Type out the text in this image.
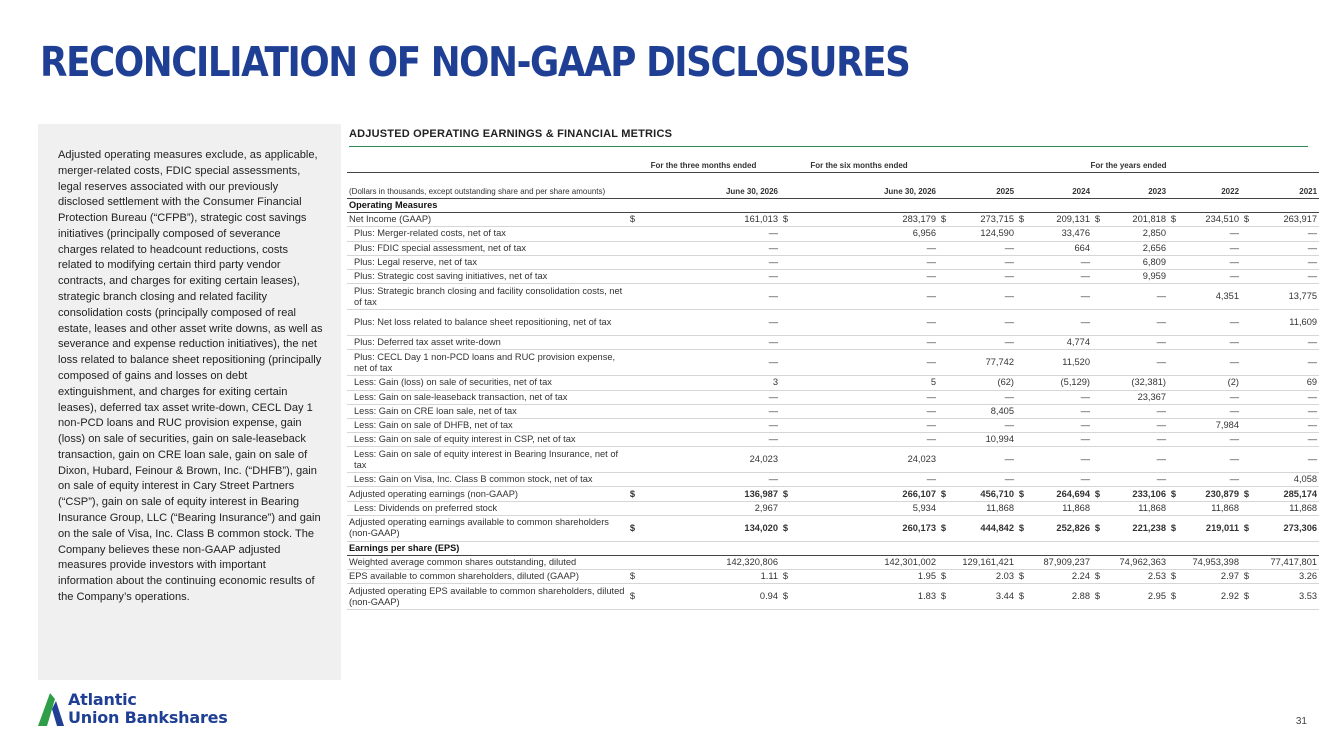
RECONCILIATION OF NON-GAAP DISCLOSURES

Adjusted operating measures exclude, as applicable, merger-related costs, FDIC special assessments, legal reserves associated with our previously disclosed settlement with the Consumer Financial Protection Bureau (“CFPB”), strategic cost savings initiatives (principally composed of severance charges related to headcount reductions, costs related to modifying certain third party vendor contracts, and charges for exiting certain leases), strategic branch closing and related facility consolidation costs (principally composed of real estate, leases and other asset write downs, as well as severance and expense reduction initiatives), the net loss related to balance sheet repositioning (principally composed of gains and losses on debt extinguishment, and charges for exiting certain leases), deferred tax asset write-down, CECL Day 1 non-PCD loans and RUC provision expense, gain (loss) on sale of securities, gain on sale-leaseback transaction, gain on CRE loan sale, gain on sale of Dixon, Hubard, Feinour & Brown, Inc. (“DHFB”), gain on sale of equity interest in Cary Street Partners (“CSP”), gain on sale of equity interest in Bearing Insurance Group, LLC (“Bearing Insurance”) and gain on the sale of Visa, Inc. Class B common stock. The Company believes these non-GAAP adjusted measures provide investors with important information about the continuing economic results of the Company’s operations.

ADJUSTED OPERATING EARNINGS & FINANCIAL METRICS
	For the three months ended		For the six months ended		For the years ended									
(Dollars in thousands, except outstanding share and per share amounts)		June 30, 2026		June 30, 2026		2025		2024		2023		2022		2021
Operating Measures														
Net Income (GAAP)	$	161,013	$	283,179	$	273,715	$	209,131	$	201,818	$	234,510	$	263,917
Plus: Merger-related costs, net of tax		—		6,956		124,590		33,476		2,850		—		—
Plus: FDIC special assessment, net of tax		—		—		—		664		2,656		—		—
Plus: Legal reserve, net of tax		—		—		—		—		6,809		—		—
Plus: Strategic cost saving initiatives, net of tax		—		—		—		—		9,959		—		—
Plus: Strategic branch closing and facility consolidation costs, net of tax		—		—		—		—		—		4,351		13,775
Plus: Net loss related to balance sheet repositioning, net of tax		—		—		—		—		—		—		11,609
Plus: Deferred tax asset write-down		—		—		—		4,774		—		—		—
Plus: CECL Day 1 non-PCD loans and RUC provision expense, net of tax		—		—		77,742		11,520		—		—		—
Less: Gain (loss) on sale of securities, net of tax		3		5		(62)		(5,129)		(32,381)		(2)		69
Less: Gain on sale-leaseback transaction, net of tax		—		—		—		—		23,367		—		—
Less: Gain on CRE loan sale, net of tax		—		—		8,405		—		—		—		—
Less: Gain on sale of DHFB, net of tax		—		—		—		—		—		7,984		—
Less: Gain on sale of equity interest in CSP, net of tax		—		—		10,994		—		—		—		—
Less: Gain on sale of equity interest in Bearing Insurance, net of tax		24,023		24,023		—		—		—		—		—
Less: Gain on Visa, Inc. Class B common stock, net of tax		—		—		—		—		—		—		4,058
Adjusted operating earnings (non-GAAP)	$	136,987	$	266,107	$	456,710	$	264,694	$	233,106	$	230,879	$	285,174
Less: Dividends on preferred stock		2,967		5,934		11,868		11,868		11,868		11,868		11,868
Adjusted operating earnings available to common shareholders (non-GAAP)	$	134,020	$	260,173	$	444,842	$	252,826	$	221,238	$	219,011	$	273,306
Earnings per share (EPS)														
Weighted average common shares outstanding, diluted		142,320,806		142,301,002		129,161,421		87,909,237		74,962,363		74,953,398		77,417,801
EPS available to common shareholders, diluted (GAAP)	$	1.11	$	1.95	$	2.03	$	2.24	$	2.53	$	2.97	$	3.26
Adjusted operating EPS available to common shareholders, diluted (non-GAAP)	$	0.94	$	1.83	$	3.44	$	2.88	$	2.95	$	2.92	$	3.53
Atlantic
Union Bankshares	31
